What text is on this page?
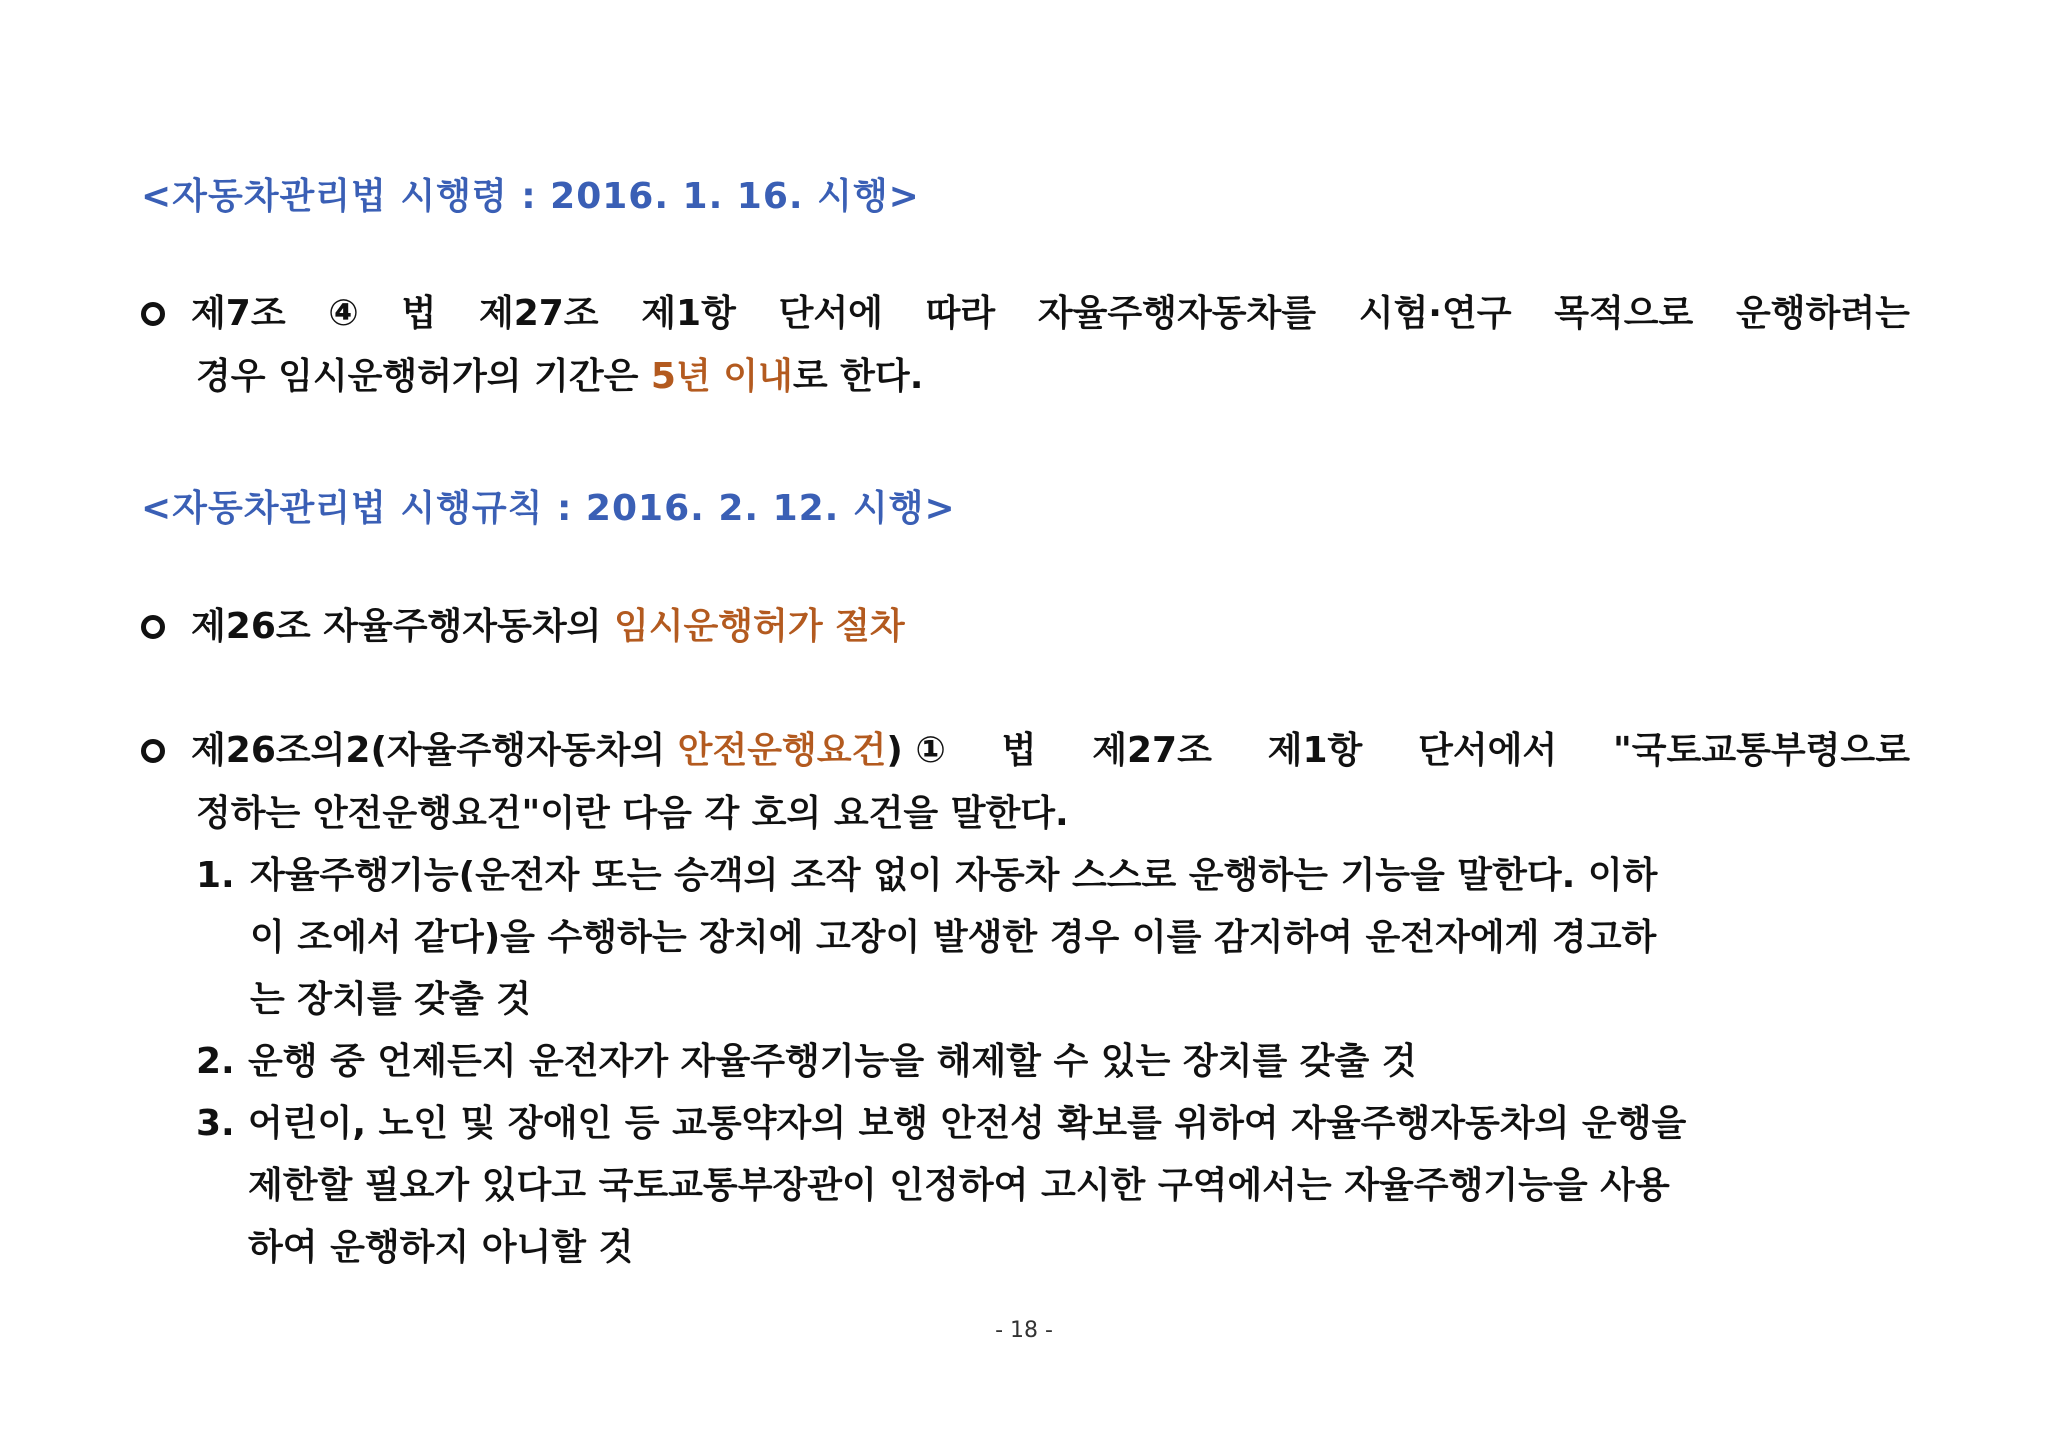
<자동차관리법 시행령 : 2016. 1. 16. 시행>
제7조 ④ 법 제27조 제1항 단서에 따라 자율주행자동차를 시험·연구 목적으로 운행하려는
경우 임시운행허가의 기간은 5년 이내로 한다.
<자동차관리법 시행규칙 : 2016. 2. 12. 시행>
제26조 자율주행자동차의 임시운행허가 절차
제26조의2(자율주행자동차의 안전운행요건) ① 법 제27조 제1항 단서에서 "국토교통부령으로
정하는 안전운행요건"이란 다음 각 호의 요건을 말한다.
1. 자율주행기능(운전자 또는 승객의 조작 없이 자동차 스스로 운행하는 기능을 말한다. 이하
이 조에서 같다)을 수행하는 장치에 고장이 발생한 경우 이를 감지하여 운전자에게 경고하
는 장치를 갖출 것
2. 운행 중 언제든지 운전자가 자율주행기능을 해제할 수 있는 장치를 갖출 것
3. 어린이, 노인 및 장애인 등 교통약자의 보행 안전성 확보를 위하여 자율주행자동차의 운행을
제한할 필요가 있다고 국토교통부장관이 인정하여 고시한 구역에서는 자율주행기능을 사용
하여 운행하지 아니할 것
- 18 -
